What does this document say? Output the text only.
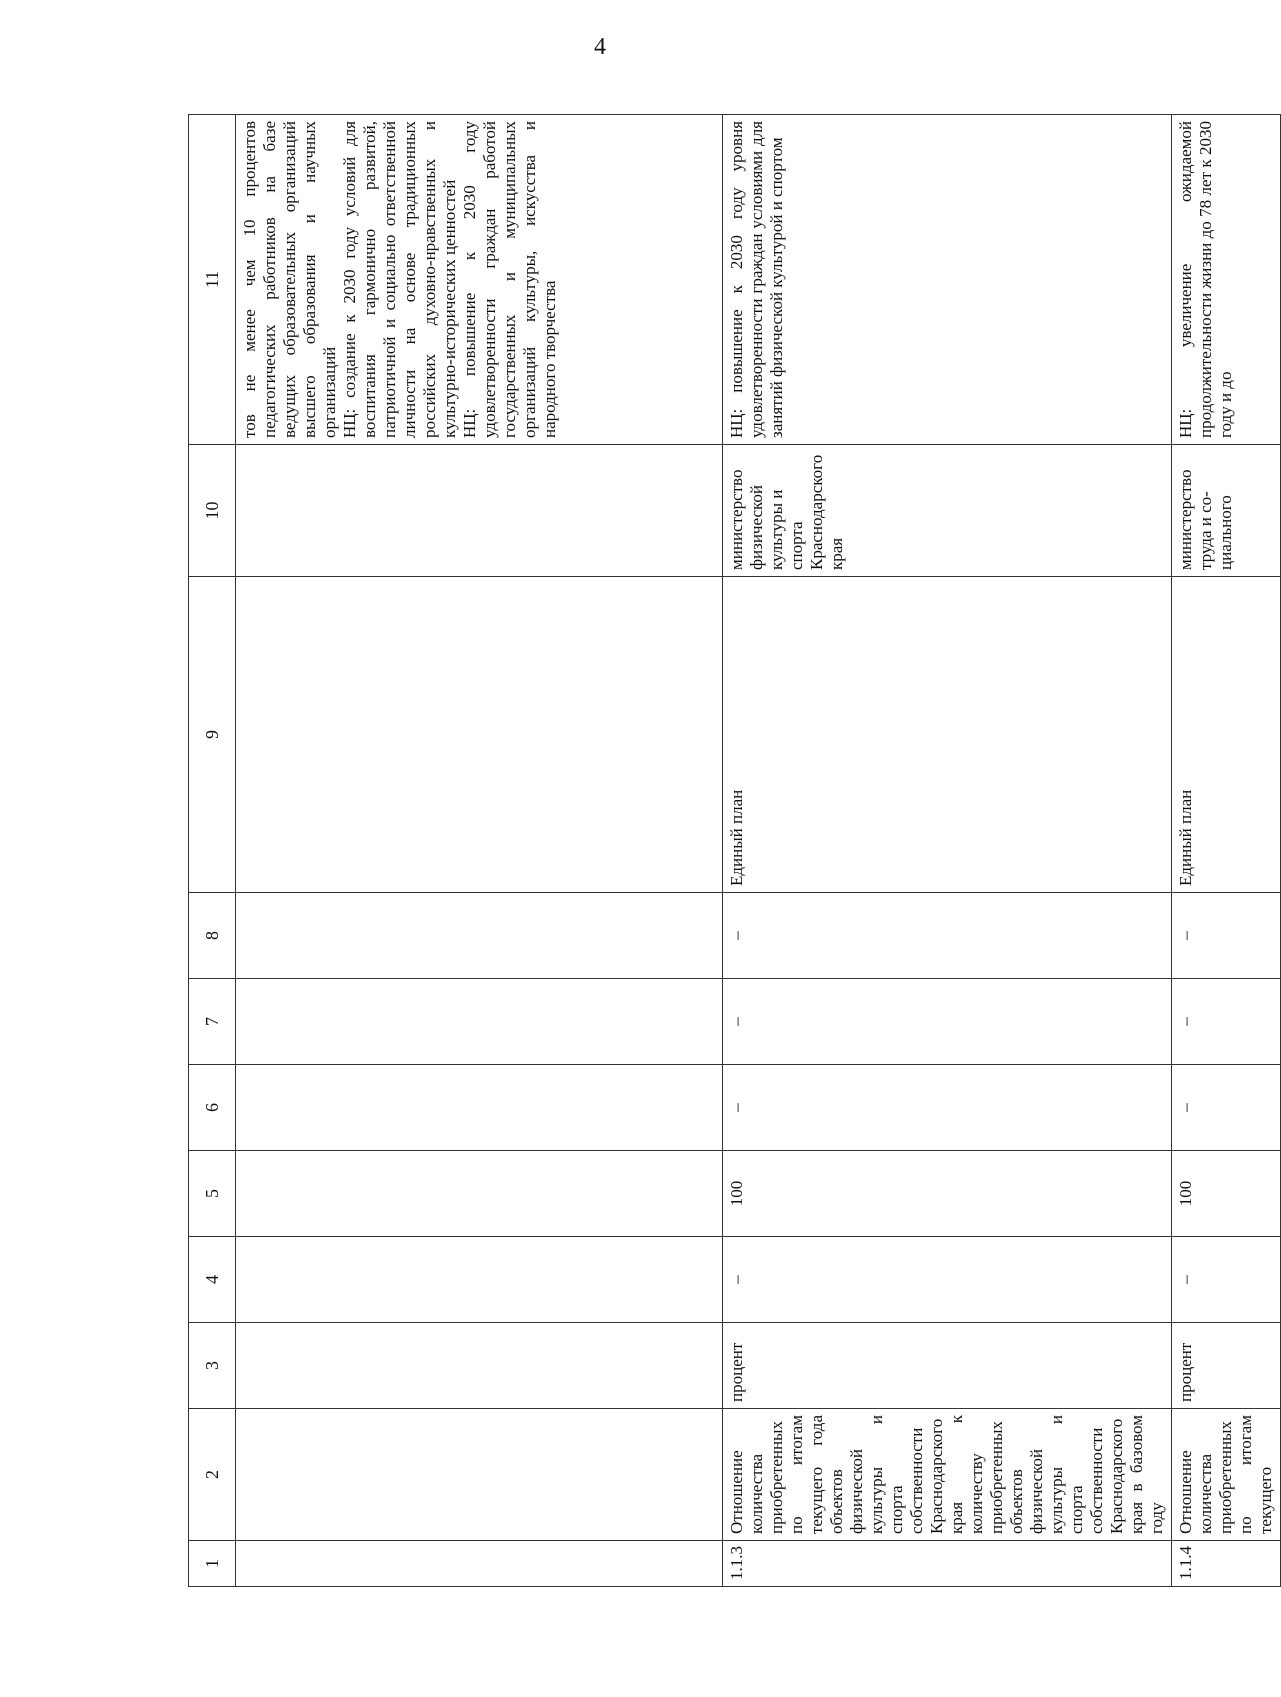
4
1	2	3	4	5	6	7	8	9	10	11
										тов не менее чем 10 процентов педагогических работников на базе ведущих образовательных организаций высшего образования и научных организаций
НЦ: создание к 2030 году условий для воспитания гармонично развитой, патриотичной и социально ответственной личности на основе традиционных российских духовно-нравственных и культурно-исторических ценностей
НЦ: повышение к 2030 году удовлетворенности граждан работой государственных и муниципальных организаций культуры, искусства и народного творчества
1.1.3	Отношение количества приобретенных по итогам текущего года объектов физической культуры и спорта собственности Краснодарского края к количеству приобретенных объектов физической культуры и спорта собственности Краснодарского края в базовом году	процент	–	100	–	–	–	Единый план	министерство физической культуры и спорта Краснодарского края	НЦ: повышение к 2030 году уровня удовлетворенности граждан условиями для занятий физической культурой и спортом
1.1.4	Отношение количества приобретенных по итогам текущего	процент	–	100	–	–	–	Единый план	министерство труда и со-циального	НЦ: увеличение ожидаемой продолжительности жизни до 78 лет к 2030 году и до
